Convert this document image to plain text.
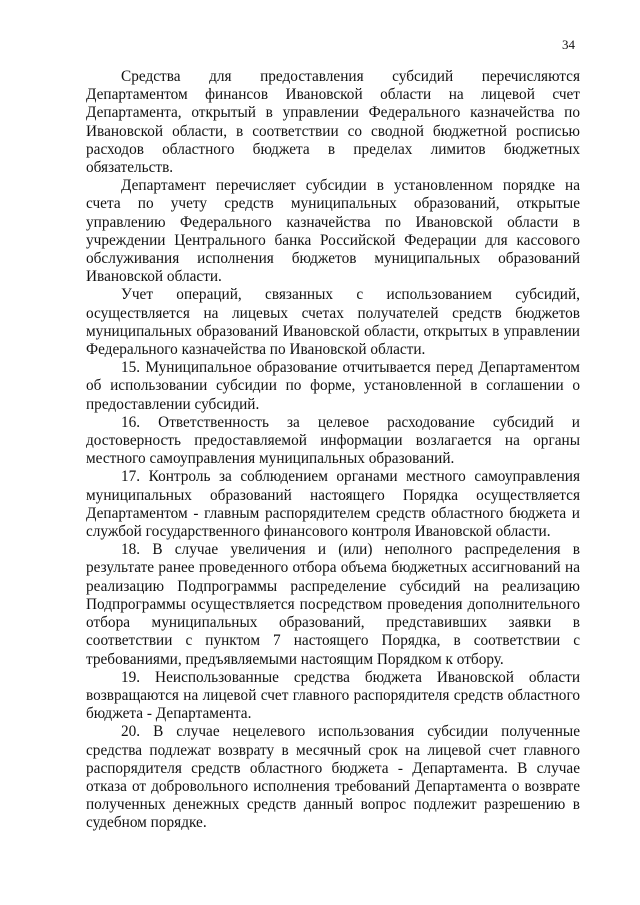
34

Средства для предоставления субсидий перечисляются Департаментом финансов Ивановской области на лицевой счет Департамента, открытый в управлении Федерального казначейства по Ивановской области, в соответствии со сводной бюджетной росписью расходов областного бюджета в пределах лимитов бюджетных обязательств.

Департамент перечисляет субсидии в установленном порядке на счета по учету средств муниципальных образований, открытые управлению Федерального казначейства по Ивановской области в учреждении Центрального банка Российской Федерации для кассового обслуживания исполнения бюджетов муниципальных образований Ивановской области.

Учет операций, связанных с использованием субсидий, осуществляется на лицевых счетах получателей средств бюджетов муниципальных образований Ивановской области, открытых в управлении Федерального казначейства по Ивановской области.

15. Муниципальное образование отчитывается перед Департаментом об использовании субсидии по форме, установленной в соглашении о предоставлении субсидий.

16. Ответственность за целевое расходование субсидий и достоверность предоставляемой информации возлагается на органы местного самоуправления муниципальных образований.

17. Контроль за соблюдением органами местного самоуправления муниципальных образований настоящего Порядка осуществляется Департаментом - главным распорядителем средств областного бюджета и службой государственного финансового контроля Ивановской области.

18. В случае увеличения и (или) неполного распределения в результате ранее проведенного отбора объема бюджетных ассигнований на реализацию Подпрограммы распределение субсидий на реализацию Подпрограммы осуществляется посредством проведения дополнительного отбора муниципальных образований, представивших заявки в соответствии с пунктом 7 настоящего Порядка, в соответствии с требованиями, предъявляемыми настоящим Порядком к отбору.

19. Неиспользованные средства бюджета Ивановской области возвращаются на лицевой счет главного распорядителя средств областного бюджета - Департамента.

20. В случае нецелевого использования субсидии полученные средства подлежат возврату в месячный срок на лицевой счет главного распорядителя средств областного бюджета - Департамента. В случае отказа от добровольного исполнения требований Департамента о возврате полученных денежных средств данный вопрос подлежит разрешению в судебном порядке.
